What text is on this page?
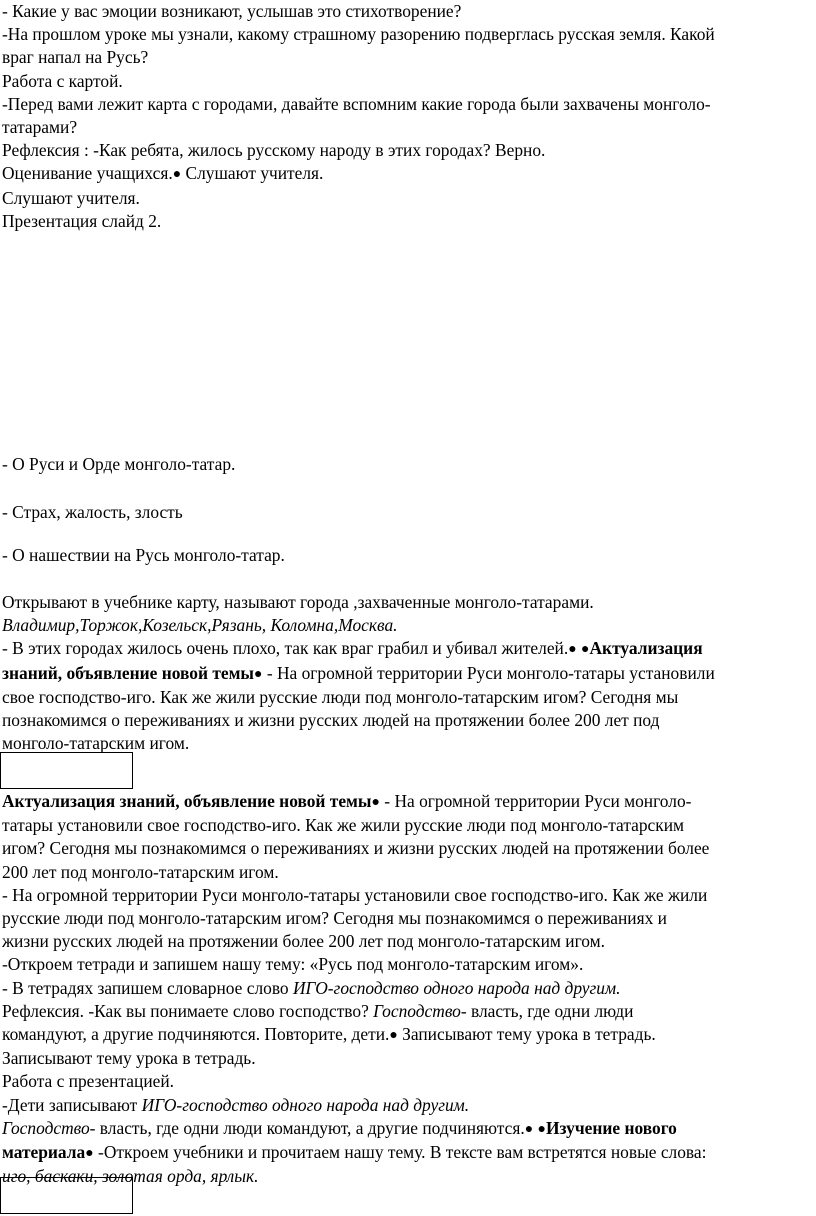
- Какие у вас эмоции возникают, услышав это стихотворение?

-На прошлом уроке мы узнали, какому страшному разорению подверглась русская земля. Какой

враг напал на Русь?

Работа с картой.

-Перед вами лежит карта с городами, давайте вспомним какие города были захвачены монголо-

татарами?

Рефлексия : -Как ребята, жилось русскому народу в этих городах? Верно.

Оценивание учащихся.● Слушают учителя.

Слушают учителя.

Презентация слайд 2.

- О Руси и Орде монголо-татар.

- Страх, жалость, злость

- О нашествии на Русь монголо-татар.

Открывают в учебнике карту, называют города ,захваченные монголо-татарами.

Владимир,Торжок,Козельск,Рязань, Коломна,Москва.

- В этих городах жилось очень плохо, так как враг грабил и убивал жителей.● ●Актуализация

знаний, объявление новой темы● - На огромной территории Руси монголо-татары установили

свое господство-иго. Как же жили русские люди под монголо-татарским игом? Сегодня мы

познакомимся о переживаниях и жизни русских людей на протяжении более 200 лет под

монголо-татарским игом.

Актуализация знаний, объявление новой темы● - На огромной территории Руси монголо-

татары установили свое господство-иго. Как же жили русские люди под монголо-татарским

игом? Сегодня мы познакомимся о переживаниях и жизни русских людей на протяжении более

200 лет под монголо-татарским игом.

- На огромной территории Руси монголо-татары установили свое господство-иго. Как же жили

русские люди под монголо-татарским игом? Сегодня мы познакомимся о переживаниях и

жизни русских людей на протяжении более 200 лет под монголо-татарским игом.

-Откроем тетради и запишем нашу тему: «Русь под монголо-татарским игом».

- В тетрадях запишем словарное слово ИГО-господство одного народа над другим.

Рефлексия. -Как вы понимаете слово господство? Господство- власть, где одни люди

командуют, а другие подчиняются. Повторите, дети.● Записывают тему урока в тетрадь.

Записывают тему урока в тетрадь.

Работа с презентацией.

-Дети записывают ИГО-господство одного народа над другим.

Господство- власть, где одни люди командуют, а другие подчиняются.● ●Изучение нового

материала● -Откроем учебники и прочитаем нашу тему. В тексте вам встретятся новые слова:

иго, баскаки, золотая орда, ярлык.
